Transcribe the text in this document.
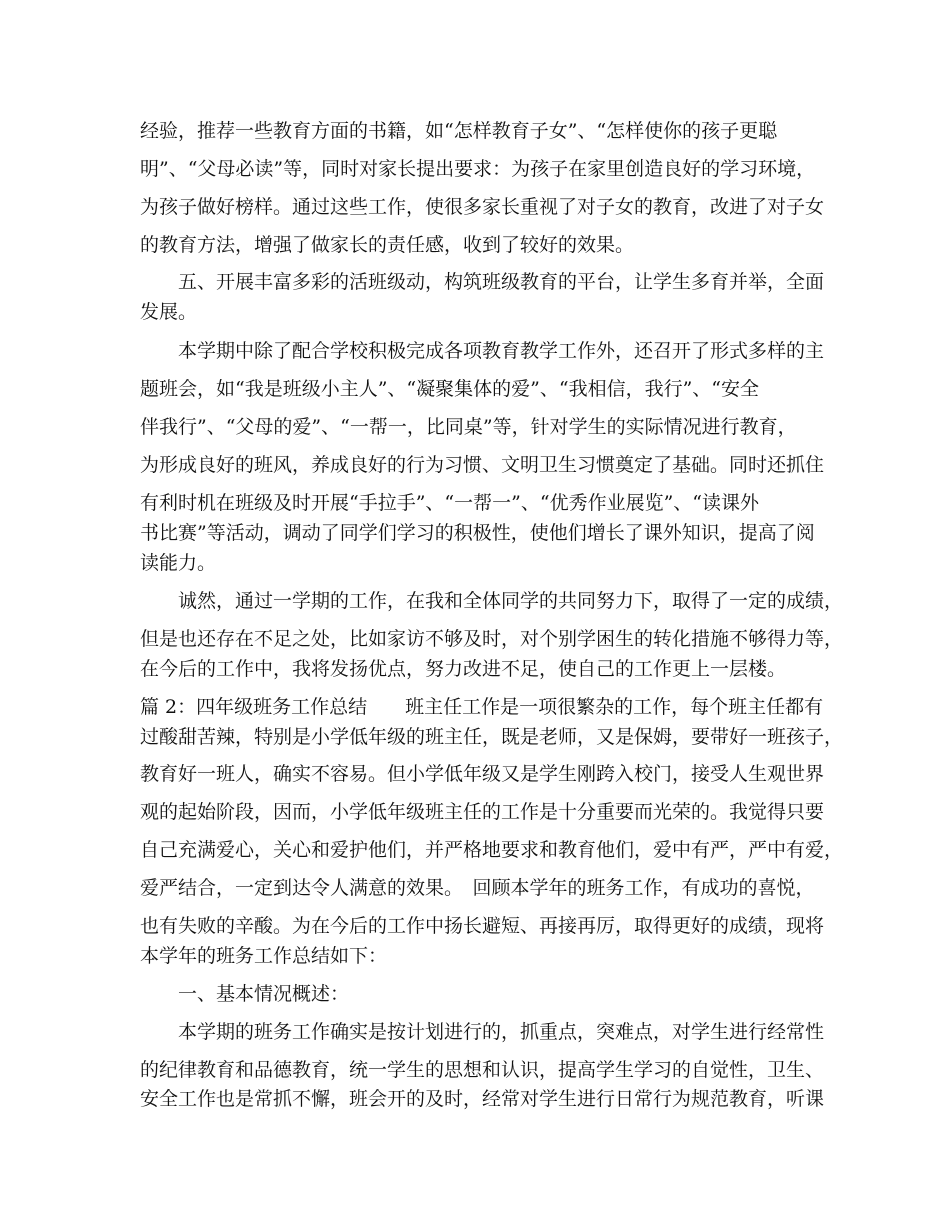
经验，推荐一些教育方面的书籍，如“怎样教育子女”、“怎样使你的孩子更聪

明”、“父母必读”等，同时对家长提出要求：为孩子在家里创造良好的学习环境，

为孩子做好榜样。通过这些工作，使很多家长重视了对子女的教育，改进了对子女

的教育方法，增强了做家长的责任感，收到了较好的效果。

五、开展丰富多彩的活班级动，构筑班级教育的平台，让学生多育并举，全面

发展。

本学期中除了配合学校积极完成各项教育教学工作外，还召开了形式多样的主

题班会，如“我是班级小主人”、“凝聚集体的爱”、“我相信，我行”、“安全

伴我行”、“父母的爱”、“一帮一，比同桌”等，针对学生的实际情况进行教育，

为形成良好的班风，养成良好的行为习惯、文明卫生习惯奠定了基础。同时还抓住

有利时机在班级及时开展“手拉手”、“一帮一”、“优秀作业展览”、“读课外

书比赛”等活动，调动了同学们学习的积极性，使他们增长了课外知识，提高了阅

读能力。

诚然，通过一学期的工作，在我和全体同学的共同努力下，取得了一定的成绩，

但是也还存在不足之处，比如家访不够及时，对个别学困生的转化措施不够得力等，

在今后的工作中，我将发扬优点，努力改进不足，使自己的工作更上一层楼。

篇 2：四年级班务工作总结　　班主任工作是一项很繁杂的工作，每个班主任都有

过酸甜苦辣，特别是小学低年级的班主任，既是老师，又是保姆，要带好一班孩子，

教育好一班人，确实不容易。但小学低年级又是学生刚跨入校门，接受人生观世界

观的起始阶段，因而，小学低年级班主任的工作是十分重要而光荣的。我觉得只要

自己充满爱心，关心和爱护他们，并严格地要求和教育他们，爱中有严，严中有爱，

爱严结合，一定到达令人满意的效果。　回顾本学年的班务工作，有成功的喜悦，

也有失败的辛酸。为在今后的工作中扬长避短、再接再厉，取得更好的成绩，现将

本学年的班务工作总结如下：

一、基本情况概述：

本学期的班务工作确实是按计划进行的，抓重点，突难点，对学生进行经常性

的纪律教育和品德教育，统一学生的思想和认识，提高学生学习的自觉性，卫生、

安全工作也是常抓不懈，班会开的及时，经常对学生进行日常行为规范教育，听课
